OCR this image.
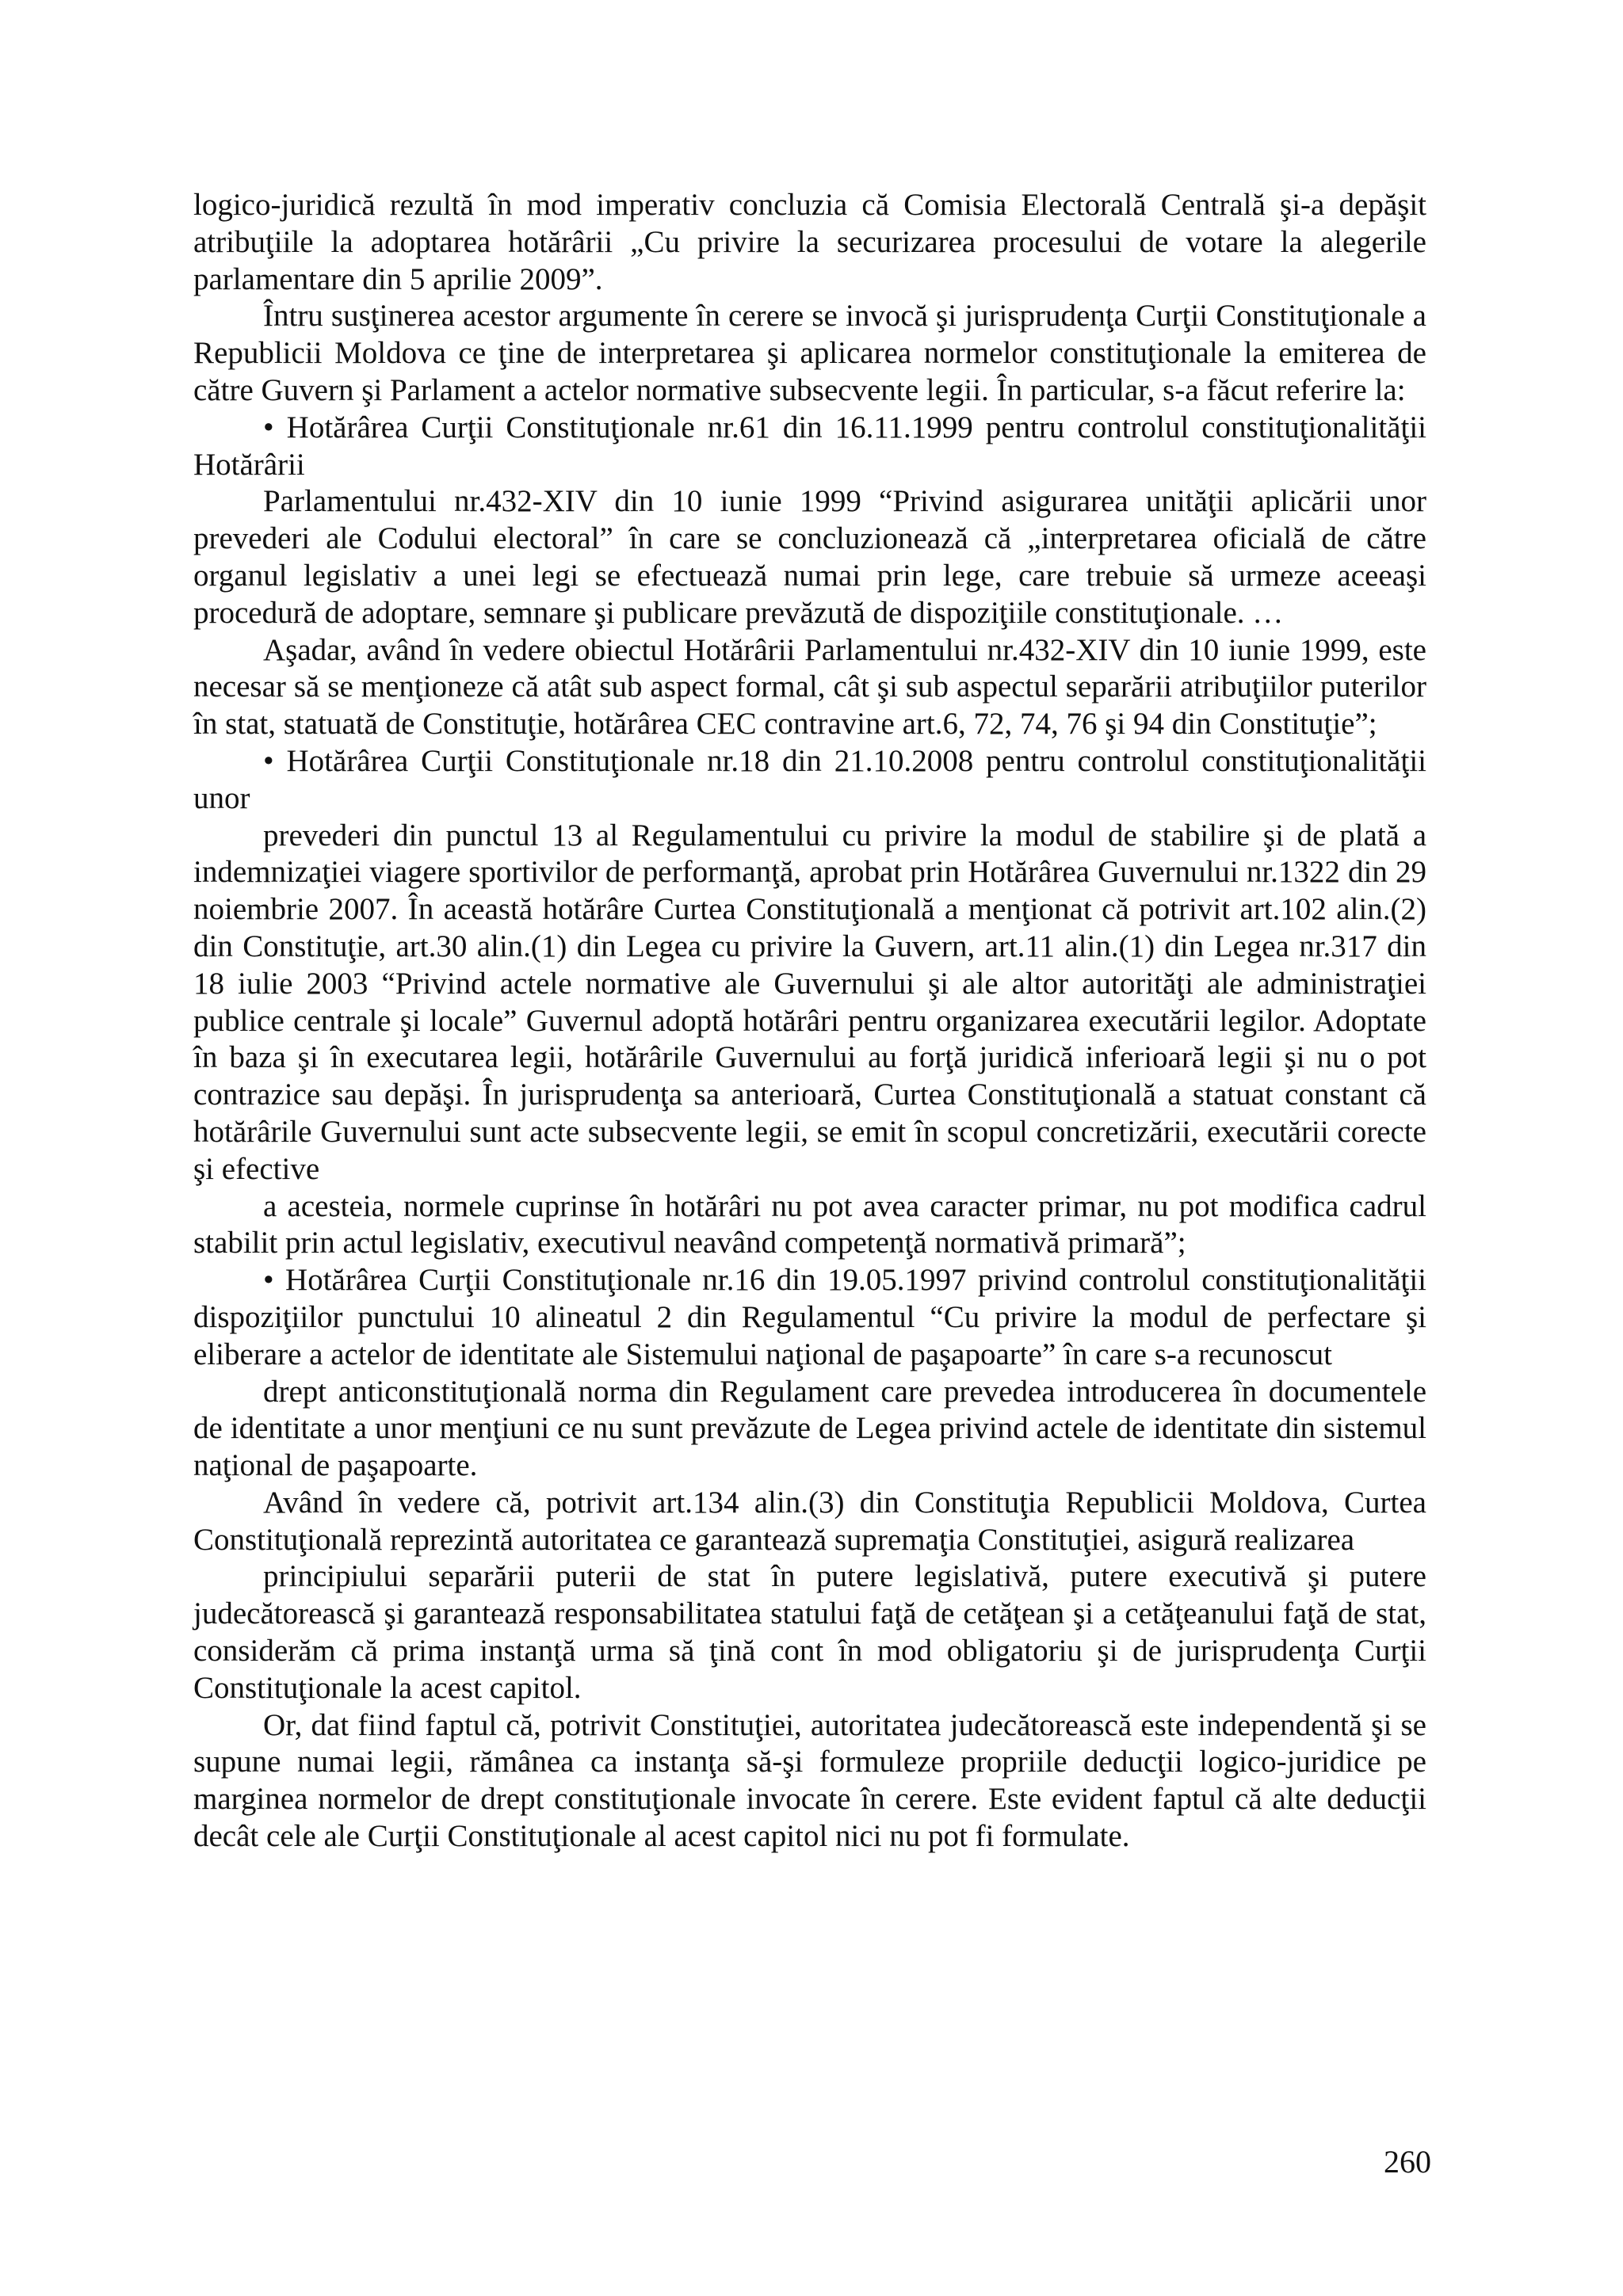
logico-juridică rezultă în mod imperativ concluzia că Comisia Electorală Centrală şi-a depăşit atribuţiile la adoptarea hotărârii „Cu privire la securizarea procesului de votare la alegerile parlamentare din 5 aprilie 2009”.

Întru susţinerea acestor argumente în cerere se invocă şi jurisprudenţa Curţii Constituţionale a Republicii Moldova ce ţine de interpretarea şi aplicarea normelor constituţionale la emiterea de către Guvern şi Parlament a actelor normative subsecvente legii. În particular, s-a făcut referire la:

• Hotărârea Curţii Constituţionale nr.61 din 16.11.1999 pentru controlul constituţionalităţii Hotărârii

Parlamentului nr.432-XIV din 10 iunie 1999 “Privind asigurarea unităţii aplicării unor prevederi ale Codului electoral” în care se concluzionează că „interpretarea oficială de către organul legislativ a unei legi se efectuează numai prin lege, care trebuie să urmeze aceeaşi procedură de adoptare, semnare şi publicare prevăzută de dispoziţiile constituţionale. …

Aşadar, având în vedere obiectul Hotărârii Parlamentului nr.432-XIV din 10 iunie 1999, este necesar să se menţioneze că atât sub aspect formal, cât şi sub aspectul separării atribuţiilor puterilor în stat, statuată de Constituţie, hotărârea CEC contravine art.6, 72, 74, 76 şi 94 din Constituţie”;

• Hotărârea Curţii Constituţionale nr.18 din 21.10.2008 pentru controlul constituţionalităţii unor

prevederi din punctul 13 al Regulamentului cu privire la modul de stabilire şi de plată a indemnizaţiei viagere sportivilor de performanţă, aprobat prin Hotărârea Guvernului nr.1322 din 29 noiembrie 2007. În această hotărâre Curtea Constituţională a menţionat că potrivit art.102 alin.(2) din Constituţie, art.30 alin.(1) din Legea cu privire la Guvern, art.11 alin.(1) din Legea nr.317 din 18 iulie 2003 “Privind actele normative ale Guvernului şi ale altor autorităţi ale administraţiei publice centrale şi locale” Guvernul adoptă hotărâri pentru organizarea executării legilor. Adoptate în baza şi în executarea legii, hotărârile Guvernului au forţă juridică inferioară legii şi nu o pot contrazice sau depăşi. În jurisprudenţa sa anterioară, Curtea Constituţională a statuat constant că hotărârile Guvernului sunt acte subsecvente legii, se emit în scopul concretizării, executării corecte şi efective

a acesteia, normele cuprinse în hotărâri nu pot avea caracter primar, nu pot modifica cadrul stabilit prin actul legislativ, executivul neavând competenţă normativă primară”;

• Hotărârea Curţii Constituţionale nr.16 din 19.05.1997 privind controlul constituţionalităţii dispoziţiilor punctului 10 alineatul 2 din Regulamentul “Cu privire la modul de perfectare şi eliberare a actelor de identitate ale Sistemului naţional de paşapoarte” în care s-a recunoscut

drept anticonstituţională norma din Regulament care prevedea introducerea în documentele de identitate a unor menţiuni ce nu sunt prevăzute de Legea privind actele de identitate din sistemul naţional de paşapoarte.

Având în vedere că, potrivit art.134 alin.(3) din Constituţia Republicii Moldova, Curtea Constituţională reprezintă autoritatea ce garantează supremaţia Constituţiei, asigură realizarea

principiului separării puterii de stat în putere legislativă, putere executivă şi putere judecătorească şi garantează responsabilitatea statului faţă de cetăţean şi a cetăţeanului faţă de stat, considerăm că prima instanţă urma să ţină cont în mod obligatoriu şi de jurisprudenţa Curţii Constituţionale la acest capitol.

Or, dat fiind faptul că, potrivit Constituţiei, autoritatea judecătorească este independentă şi se supune numai legii, rămânea ca instanţa să-şi formuleze propriile deducţii logico-juridice pe marginea normelor de drept constituţionale invocate în cerere. Este evident faptul că alte deducţii decât cele ale Curţii Constituţionale al acest capitol nici nu pot fi formulate.

260
